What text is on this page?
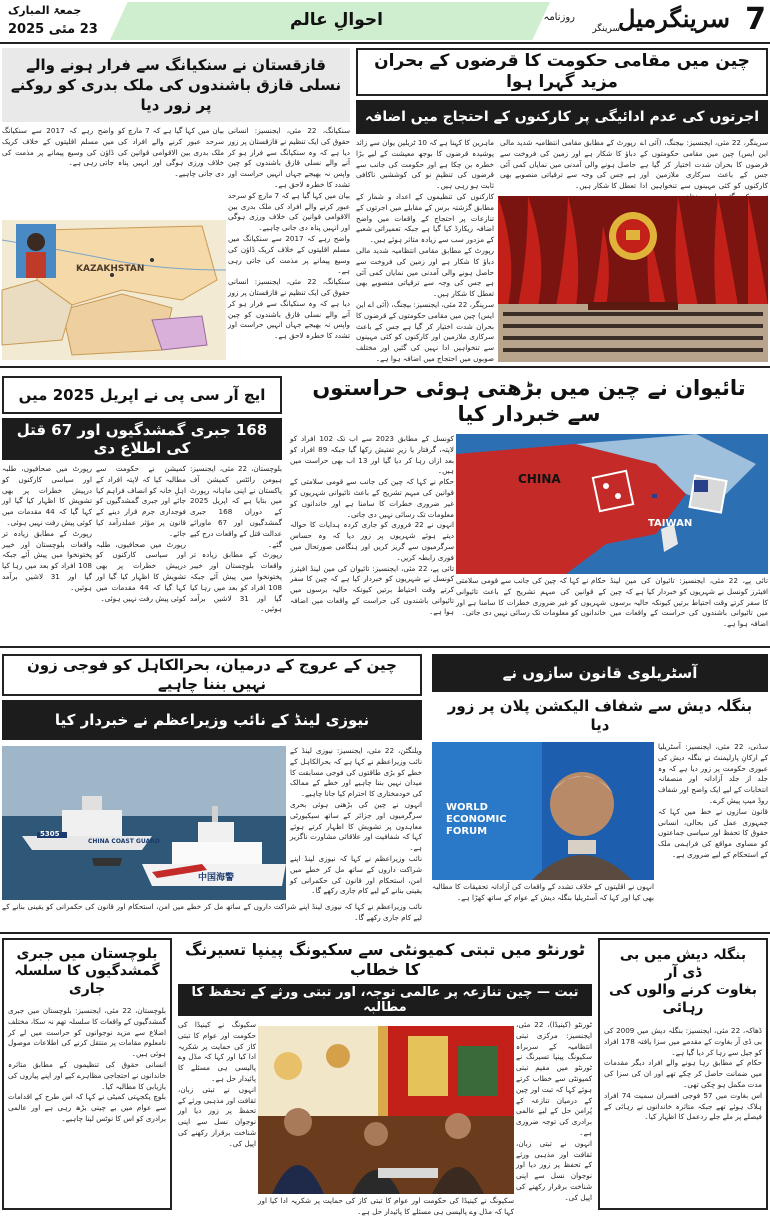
7
سرینگرمیل
روزنامہ
سرینگر
احوالِ عالم
جمعۃ المبارک
23 مئی 2025
چین میں مقامی حکومت کا قرضوں کے بحران مزید گہرا ہوا
اجرتوں کی عدم ادائیگی پر کارکنوں کے احتجاج میں اضافہ

سرینگر، 22 مئی، ایجنسیز: بیجنگ، (آئی اے این ایس) چین میں مقامی حکومتوں کے قرضوں کا بحران شدت اختیار کر گیا ہے جس کے باعث سرکاری ملازمین اور کارکنوں کو کئی مہینوں سے تنخواہیں ادا

رپورٹ کے مطابق مقامی انتظامیہ شدید مالی دباؤ کا شکار ہے اور زمین کی فروخت سے حاصل ہونے والی آمدنی میں نمایاں کمی آئی ہے جس کی وجہ سے ترقیاتی منصوبے بھی تعطل کا شکار ہیں۔

ماہرین کا کہنا ہے کہ 10 ٹریلین یوان سے زائد پوشیدہ قرضوں کا بوجھ معیشت کے لیے بڑا خطرہ بن چکا ہے اور حکومت کی جانب سے قرضوں کی تنظیمِ نو کی کوششیں ناکافی ثابت ہو رہی ہیں۔

کارکنوں کی تنظیموں کے اعداد و شمار کے مطابق گزشتہ برس کے مقابلے میں اجرتوں کے تنازعات پر احتجاج کے واقعات میں واضح اضافہ ریکارڈ کیا گیا ہے جبکہ تعمیراتی شعبے کے مزدور سب سے زیادہ متاثر ہوئے ہیں۔

رپورٹ کے مطابق مقامی انتظامیہ شدید مالی دباؤ کا شکار ہے اور زمین کی فروخت سے حاصل ہونے والی آمدنی میں نمایاں کمی آئی ہے جس کی وجہ سے ترقیاتی منصوبے بھی تعطل کا شکار ہیں۔

سرینگر، 22 مئی، ایجنسیز: بیجنگ، (آئی اے این ایس) چین میں مقامی حکومتوں کے قرضوں کا بحران شدت اختیار کر گیا ہے جس کے باعث سرکاری ملازمین اور کارکنوں کو کئی مہینوں سے تنخواہیں ادا نہیں کی گئیں اور مختلف صوبوں میں احتجاج میں اضافہ ہوا ہے۔

قازقستان نے سنکیانگ سے فرار ہونے والے
نسلی قازق باشندوں کی ملک بدری کو روکنے پر زور دیا

سنکیانگ، 22 مئی، ایجنسیز: انسانی حقوق کی ایک تنظیم نے قازقستان پر زور دیا ہے کہ وہ سنکیانگ سے فرار ہو کر آنے والے نسلی قازق باشندوں کو چین واپس نہ بھیجے جہاں انہیں حراست اور تشدد کا خطرہ لاحق ہے۔

بیان میں کہا گیا ہے کہ 7 مارچ کو سرحد عبور کرنے والے افراد کی ملک بدری بین الاقوامی قوانین کی خلاف ورزی ہوگی اور انہیں پناہ دی جانی چاہیے۔

واضح رہے کہ 2017 سے سنکیانگ میں مسلم اقلیتوں کے خلاف کریک ڈاؤن کی وسیع پیمانے پر مذمت کی جاتی رہی ہے۔

سنکیانگ، 22 مئی، ایجنسیز: انسانی حقوق کی ایک تنظیم نے قازقستان پر زور دیا ہے کہ وہ سنکیانگ سے فرار ہو کر آنے والے نسلی قازق باشندوں کو چین واپس نہ بھیجے جہاں انہیں حراست اور تشدد کا خطرہ لاحق ہے۔

بیان میں کہا گیا ہے کہ 7 مارچ کو سرحد عبور کرنے والے افراد کی ملک بدری بین الاقوامی قوانین کی خلاف ورزی ہوگی اور انہیں پناہ دی جانی چاہیے۔

واضح رہے کہ 2017 سے سنکیانگ میں مسلم اقلیتوں کے خلاف کریک ڈاؤن کی وسیع پیمانے پر مذمت کی جاتی رہی ہے۔

KAZAKHSTAN
تائیوان نے چین میں بڑھتی ہوئی حراستوں سے خبردار کیا

کونسل کے مطابق 2023 سے اب تک 102 افراد کو لاپتہ، گرفتار یا زیرِ تفتیش رکھا گیا جبکہ 89 افراد کو بعد ازاں رہا کر دیا گیا اور 13 اب بھی حراست میں ہیں۔

حکام نے کہا کہ چین کی جانب سے قومی سلامتی کے قوانین کی مبہم تشریح کے باعث تائیوانی شہریوں کو غیر ضروری خطرات کا سامنا ہے اور خاندانوں کو معلومات تک رسائی نہیں دی جاتی۔

انہوں نے 22 فروری کو جاری کردہ ہدایات کا حوالہ دیتے ہوئے شہریوں پر زور دیا کہ وہ حساس سرگرمیوں سے گریز کریں اور ہنگامی صورتحال میں فوری رابطہ کریں۔

تائی پے، 22 مئی، ایجنسیز: تائیوان کی مین لینڈ افیئرز کونسل نے شہریوں کو خبردار کیا ہے کہ چین کا سفر کرتے وقت احتیاط برتیں کیونکہ حالیہ برسوں میں تائیوانی باشندوں کی حراست کے واقعات میں اضافہ ہوا ہے۔

CHINA
TAIWAN

حکام نے کہا کہ چین کی جانب سے قومی سلامتی کے قوانین کی مبہم تشریح کے باعث تائیوانی شہریوں کو غیر ضروری خطرات کا سامنا ہے اور خاندانوں کو معلومات تک رسائی نہیں دی جاتی۔

تائی پے، 22 مئی، ایجنسیز: تائیوان کی مین لینڈ افیئرز کونسل نے شہریوں کو خبردار کیا ہے کہ چین کا سفر کرتے وقت احتیاط برتیں کیونکہ حالیہ برسوں میں تائیوانی باشندوں کی حراست کے واقعات میں اضافہ ہوا ہے۔

ایچ آر سی پی نے اپریل 2025 میں
168 جبری گمشدگیوں اور 67 قتل کی اطلاع دی

بلوچستان، 22 مئی، ایجنسیز: ہیومن رائٹس کمیشن آف پاکستان نے اپنی ماہانہ رپورٹ میں بتایا ہے کہ اپریل 2025 کے دوران 168 جبری گمشدگیوں اور 67 ماورائے عدالت قتل کے واقعات درج کیے گئے۔

رپورٹ کے مطابق زیادہ تر واقعات بلوچستان اور خیبر پختونخوا میں پیش آئے جبکہ 108 افراد کو بعد میں رہا کیا گیا اور 31 لاشیں برآمد ہوئیں۔

کمیشن نے حکومت سے مطالبہ کیا کہ لاپتہ افراد کے اہلِ خانہ کو انصاف فراہم کیا جائے اور جبری گمشدگیوں کو فوجداری جرم قرار دینے کے قانون پر مؤثر عملدرآمد کیا جائے۔

رپورٹ میں صحافیوں، طلبہ اور سیاسی کارکنوں کو درپیش خطرات پر بھی تشویش کا اظہار کیا گیا اور کہا گیا کہ 44 مقدمات میں کوئی پیش رفت نہیں ہوئی۔

رپورٹ میں صحافیوں، طلبہ اور سیاسی کارکنوں کو درپیش خطرات پر بھی تشویش کا اظہار کیا گیا اور کہا گیا کہ 44 مقدمات میں کوئی پیش رفت نہیں ہوئی۔

رپورٹ کے مطابق زیادہ تر واقعات بلوچستان اور خیبر پختونخوا میں پیش آئے جبکہ 108 افراد کو بعد میں رہا کیا گیا اور 31 لاشیں برآمد ہوئیں۔

چین کے عروج کے درمیان، بحرالکاہل کو فوجی زون نہیں بننا چاہیے
نیوزی لینڈ کے نائب وزیراعظم نے خبردار کیا
5305
CHINA COAST GUARD
中国海警

ویلنگٹن، 22 مئی، ایجنسیز: نیوزی لینڈ کے نائب وزیراعظم نے کہا ہے کہ بحرالکاہل کے خطے کو بڑی طاقتوں کی فوجی مسابقت کا میدان نہیں بننا چاہیے اور خطے کے ممالک کی خودمختاری کا احترام کیا جانا چاہیے۔

انہوں نے چین کی بڑھتی ہوئی بحری سرگرمیوں اور جزائر کے ساتھ سیکیورٹی معاہدوں پر تشویش کا اظہار کرتے ہوئے کہا کہ شفافیت اور علاقائی مشاورت ناگزیر ہے۔

نائب وزیراعظم نے کہا کہ نیوزی لینڈ اپنے شراکت داروں کے ساتھ مل کر خطے میں امن، استحکام اور قانون کی حکمرانی کو یقینی بنانے کے لیے کام جاری رکھے گا۔

نائب وزیراعظم نے کہا کہ نیوزی لینڈ اپنے شراکت داروں کے ساتھ مل کر خطے میں امن، استحکام اور قانون کی حکمرانی کو یقینی بنانے کے لیے کام جاری رکھے گا۔

آسٹریلوی قانون سازوں نے
بنگلہ دیش سے شفاف الیکشن پلان پر زور دیا
WORLD ECONOMIC FORUM

سڈنی، 22 مئی، ایجنسیز: آسٹریلیا کے ارکانِ پارلیمنٹ نے بنگلہ دیش کی عبوری حکومت پر زور دیا ہے کہ وہ جلد از جلد آزادانہ اور منصفانہ انتخابات کے لیے ایک واضح اور شفاف روڈ میپ پیش کرے۔

قانون سازوں نے خط میں کہا کہ جمہوری عمل کی بحالی، انسانی حقوق کا تحفظ اور سیاسی جماعتوں کو مساوی مواقع کی فراہمی ملک کے استحکام کے لیے ضروری ہے۔

انہوں نے اقلیتوں کے خلاف تشدد کے واقعات کی آزادانہ تحقیقات کا مطالبہ بھی کیا اور کہا کہ آسٹریلیا بنگلہ دیش کے عوام کے ساتھ کھڑا ہے۔

بلوچستان میں جبری
گمشدگیوں کا سلسلہ جاری

بلوچستان، 22 مئی، ایجنسیز: بلوچستان میں جبری گمشدگیوں کے واقعات کا سلسلہ تھم نہ سکا، مختلف اضلاع سے مزید نوجوانوں کو حراست میں لے کر نامعلوم مقامات پر منتقل کرنے کی اطلاعات موصول ہوئی ہیں۔

انسانی حقوق کی تنظیموں کے مطابق متاثرہ خاندانوں نے احتجاجی مظاہرے کیے اور اپنے پیاروں کی بازیابی کا مطالبہ کیا۔

بلوچ یکجہتی کمیٹی نے کہا کہ اس طرح کے اقدامات سے عوام میں بے چینی بڑھ رہی ہے اور عالمی برادری کو اس کا نوٹس لینا چاہیے۔

ٹورنٹو میں تبتی کمیونٹی سے سکیونگ پینپا تسیرنگ کا خطاب
تبت — چین تنازعہ پر عالمی توجہ، اور تبتی ورثے کے تحفظ کا مطالبہ

ٹورنٹو (کینیڈا)، 22 مئی، ایجنسیز: مرکزی تبتی انتظامیہ کے سربراہ سکیونگ پینپا تسیرنگ نے ٹورنٹو میں مقیم تبتی کمیونٹی سے خطاب کرتے ہوئے کہا کہ تبت اور چین کے درمیان تنازعہ کے پُرامن حل کے لیے عالمی برادری کی توجہ ضروری ہے۔

انہوں نے تبتی زبان، ثقافت اور مذہبی ورثے کے تحفظ پر زور دیا اور نوجوان نسل سے اپنی شناخت برقرار رکھنے کی اپیل کی۔

سکیونگ نے کینیڈا کی حکومت اور عوام کا تبتی کاز کی حمایت پر شکریہ ادا کیا اور کہا کہ مڈل وے پالیسی ہی مسئلے کا پائیدار حل ہے۔

انہوں نے تبتی زبان، ثقافت اور مذہبی ورثے کے تحفظ پر زور دیا اور نوجوان نسل سے اپنی شناخت برقرار رکھنے کی اپیل کی۔

سکیونگ نے کینیڈا کی حکومت اور عوام کا تبتی کاز کی حمایت پر شکریہ ادا کیا اور کہا کہ مڈل وے پالیسی ہی مسئلے کا پائیدار حل ہے۔

بنگلہ دیش میں بی ڈی آر
بغاوت کرنے والوں کی
رہائی

ڈھاکہ، 22 مئی، ایجنسیز: بنگلہ دیش میں 2009 کی بی ڈی آر بغاوت کے مقدمے میں سزا یافتہ 178 افراد کو جیل سے رہا کر دیا گیا ہے۔

حکام کے مطابق رہا ہونے والے افراد دیگر مقدمات میں ضمانت حاصل کر چکے تھے اور ان کی سزا کی مدت مکمل ہو چکی تھی۔

اس بغاوت میں 57 فوجی افسران سمیت 74 افراد ہلاک ہوئے تھے جبکہ متاثرہ خاندانوں نے رہائی کے فیصلے پر ملے جلے ردعمل کا اظہار کیا۔
